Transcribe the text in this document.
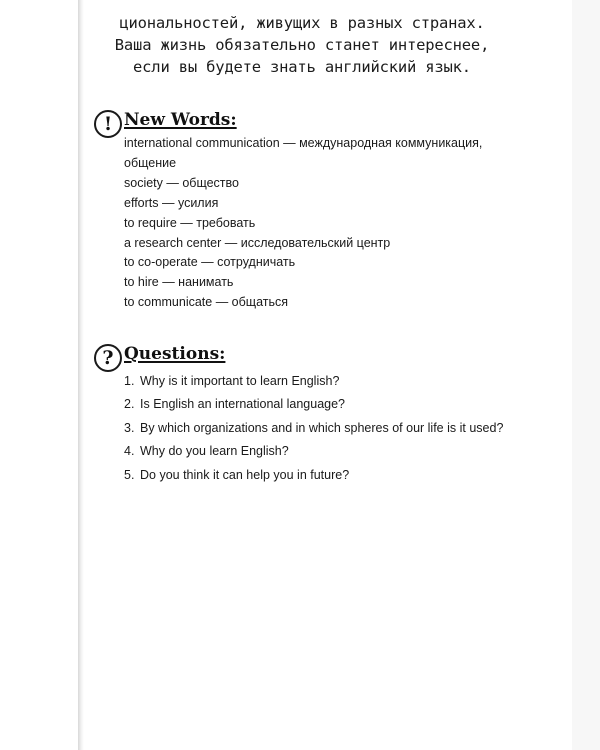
циональностей, живущих в разных странах.
Ваша жизнь обязательно станет интереснее,
если вы будете знать английский язык.

! New Words:
international communication — международная коммуникация,
общение
society — общество
efforts — усилия
to require — требовать
a research center — исследовательский центр
to co-operate — сотрудничать
to hire — нанимать
to communicate — общаться
? Questions:
1. Why is it important to learn English?
2. Is English an international language?
3. By which organizations and in which spheres of our life is it used?
4. Why do you learn English?
5. Do you think it can help you in future?
